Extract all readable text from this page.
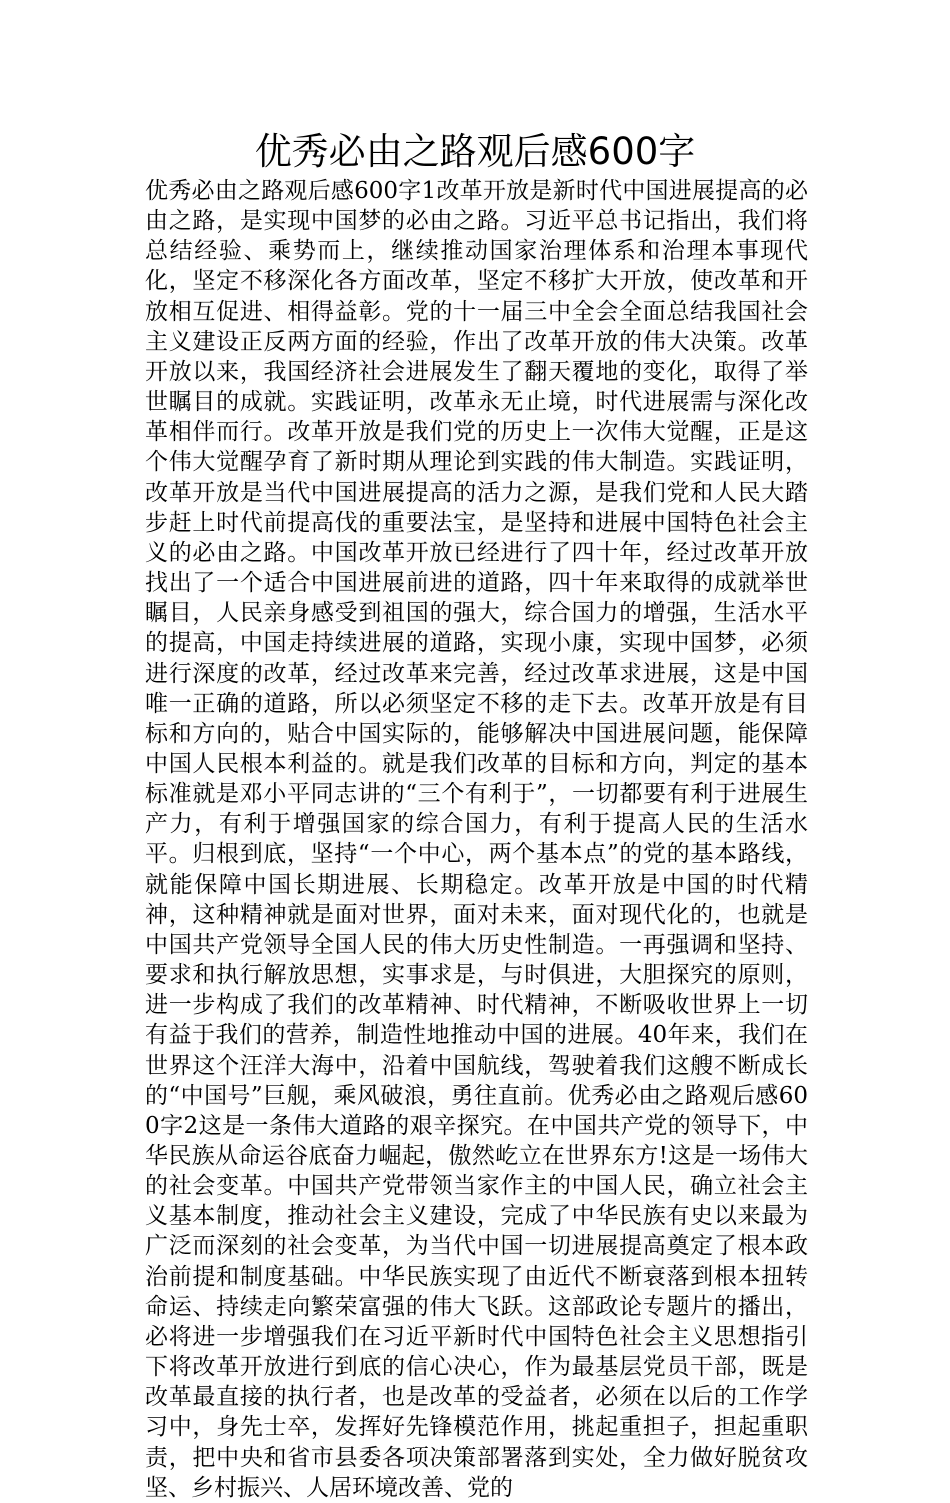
优秀必由之路观后感600字

优秀必由之路观后感600字1改革开放是新时代中国进展提高的必由之路，是实现中国梦的必由之路。习近平总书记指出，我们将总结经验、乘势而上，继续推动国家治理体系和治理本事现代化，坚定不移深化各方面改革，坚定不移扩大开放，使改革和开放相互促进、相得益彰。党的十一届三中全会全面总结我国社会主义建设正反两方面的经验，作出了改革开放的伟大决策。改革开放以来，我国经济社会进展发生了翻天覆地的变化，取得了举世瞩目的成就。实践证明，改革永无止境，时代进展需与深化改革相伴而行。改革开放是我们党的历史上一次伟大觉醒，正是这个伟大觉醒孕育了新时期从理论到实践的伟大制造。实践证明，改革开放是当代中国进展提高的活力之源，是我们党和人民大踏步赶上时代前提高伐的重要法宝，是坚持和进展中国特色社会主义的必由之路。中国改革开放已经进行了四十年，经过改革开放找出了一个适合中国进展前进的道路，四十年来取得的成就举世瞩目，人民亲身感受到祖国的强大，综合国力的增强，生活水平的提高，中国走持续进展的道路，实现小康，实现中国梦，必须进行深度的改革，经过改革来完善，经过改革求进展，这是中国唯一正确的道路，所以必须坚定不移的走下去。改革开放是有目标和方向的，贴合中国实际的，能够解决中国进展问题，能保障中国人民根本利益的。就是我们改革的目标和方向，判定的基本标准就是邓小平同志讲的“三个有利于”，一切都要有利于进展生产力，有利于增强国家的综合国力，有利于提高人民的生活水平。归根到底，坚持“一个中心，两个基本点”的党的基本路线，就能保障中国长期进展、长期稳定。改革开放是中国的时代精神，这种精神就是面对世界，面对未来，面对现代化的，也就是中国共产党领导全国人民的伟大历史性制造。一再强调和坚持、要求和执行解放思想，实事求是，与时俱进，大胆探究的原则，进一步构成了我们的改革精神、时代精神，不断吸收世界上一切有益于我们的营养，制造性地推动中国的进展。40年来，我们在世界这个汪洋大海中，沿着中国航线，驾驶着我们这艘不断成长的“中国号”巨舰，乘风破浪，勇往直前。优秀必由之路观后感600字2这是一条伟大道路的艰辛探究。在中国共产党的领导下，中华民族从命运谷底奋力崛起，傲然屹立在世界东方!这是一场伟大的社会变革。中国共产党带领当家作主的中国人民，确立社会主义基本制度，推动社会主义建设，完成了中华民族有史以来最为广泛而深刻的社会变革，为当代中国一切进展提高奠定了根本政治前提和制度基础。中华民族实现了由近代不断衰落到根本扭转命运、持续走向繁荣富强的伟大飞跃。这部政论专题片的播出，必将进一步增强我们在习近平新时代中国特色社会主义思想指引下将改革开放进行到底的信心决心，作为最基层党员干部，既是改革最直接的执行者，也是改革的受益者，必须在以后的工作学习中，身先士卒，发挥好先锋模范作用，挑起重担子，担起重职责，把中央和省市县委各项决策部署落到实处，全力做好脱贫攻坚、乡村振兴、人居环境改善、党的
